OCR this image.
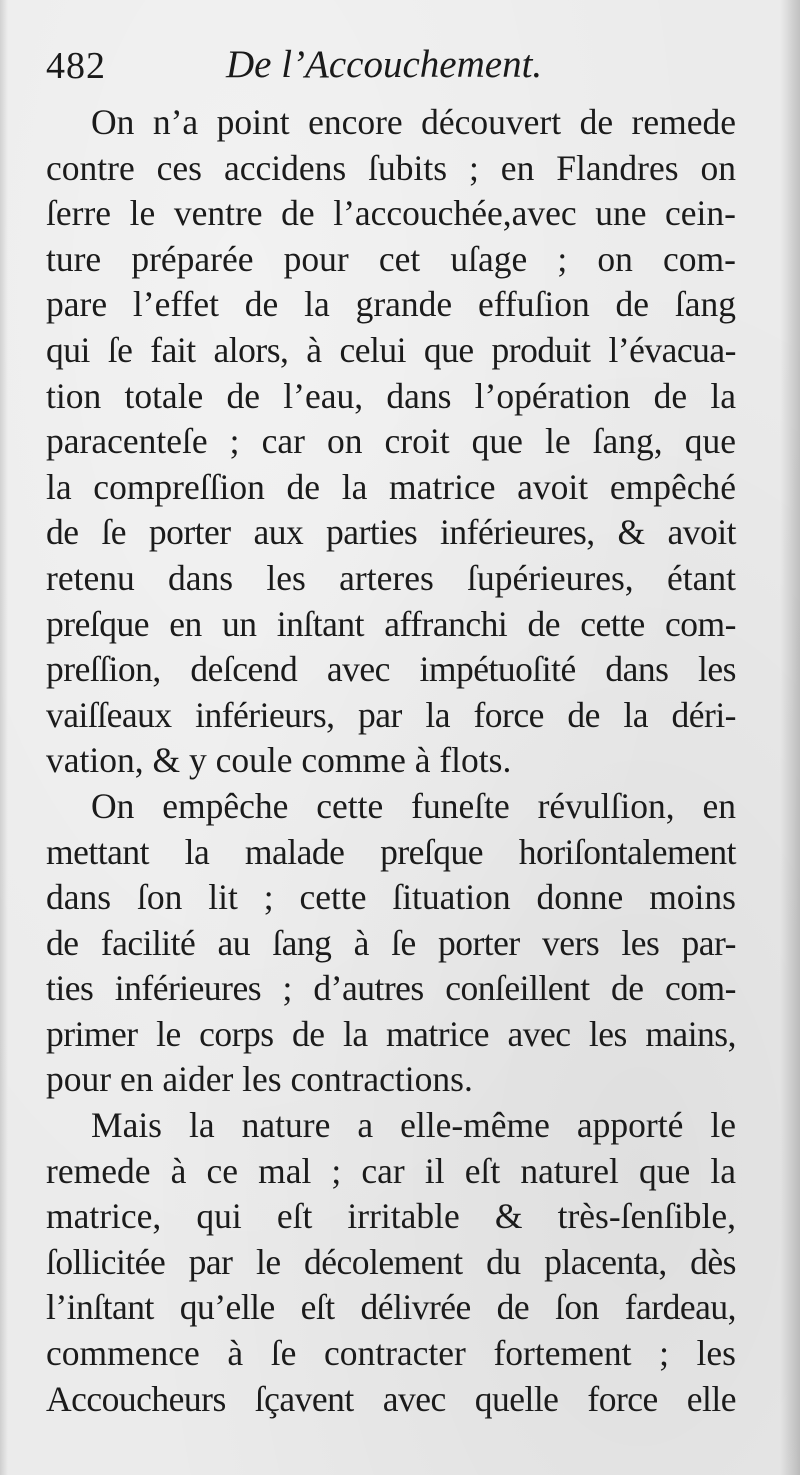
482	De l’Accouchement.
On n’a point encore découvert de remede
contre ces accidens ſubits ; en Flandres on
ſerre le ventre de l’accouchée,avec une cein-
ture préparée pour cet uſage ; on com-
pare l’effet de la grande effuſion de ſang
qui ſe fait alors, à celui que produit l’évacua-
tion totale de l’eau, dans l’opération de la
paracenteſe ; car on croit que le ſang, que
la compreſſion de la matrice avoit empêché
de ſe porter aux parties inférieures, & avoit
retenu dans les arteres ſupérieures, étant
preſque en un inſtant affranchi de cette com-
preſſion, deſcend avec impétuoſité dans les
vaiſſeaux inférieurs, par la force de la déri-
vation, & y coule comme à flots.
On empêche cette funeſte révulſion, en
mettant la malade preſque horiſontalement
dans ſon lit ; cette ſituation donne moins
de facilité au ſang à ſe porter vers les par-
ties inférieures ; d’autres conſeillent de com-
primer le corps de la matrice avec les mains,
pour en aider les contractions.
Mais la nature a elle-même apporté le
remede à ce mal ; car il eſt naturel que la
matrice, qui eſt irritable & très-ſenſible,
ſollicitée par le décolement du placenta, dès
l’inſtant qu’elle eſt délivrée de ſon fardeau,
commence à ſe contracter fortement ; les
Accoucheurs ſçavent avec quelle force elle
